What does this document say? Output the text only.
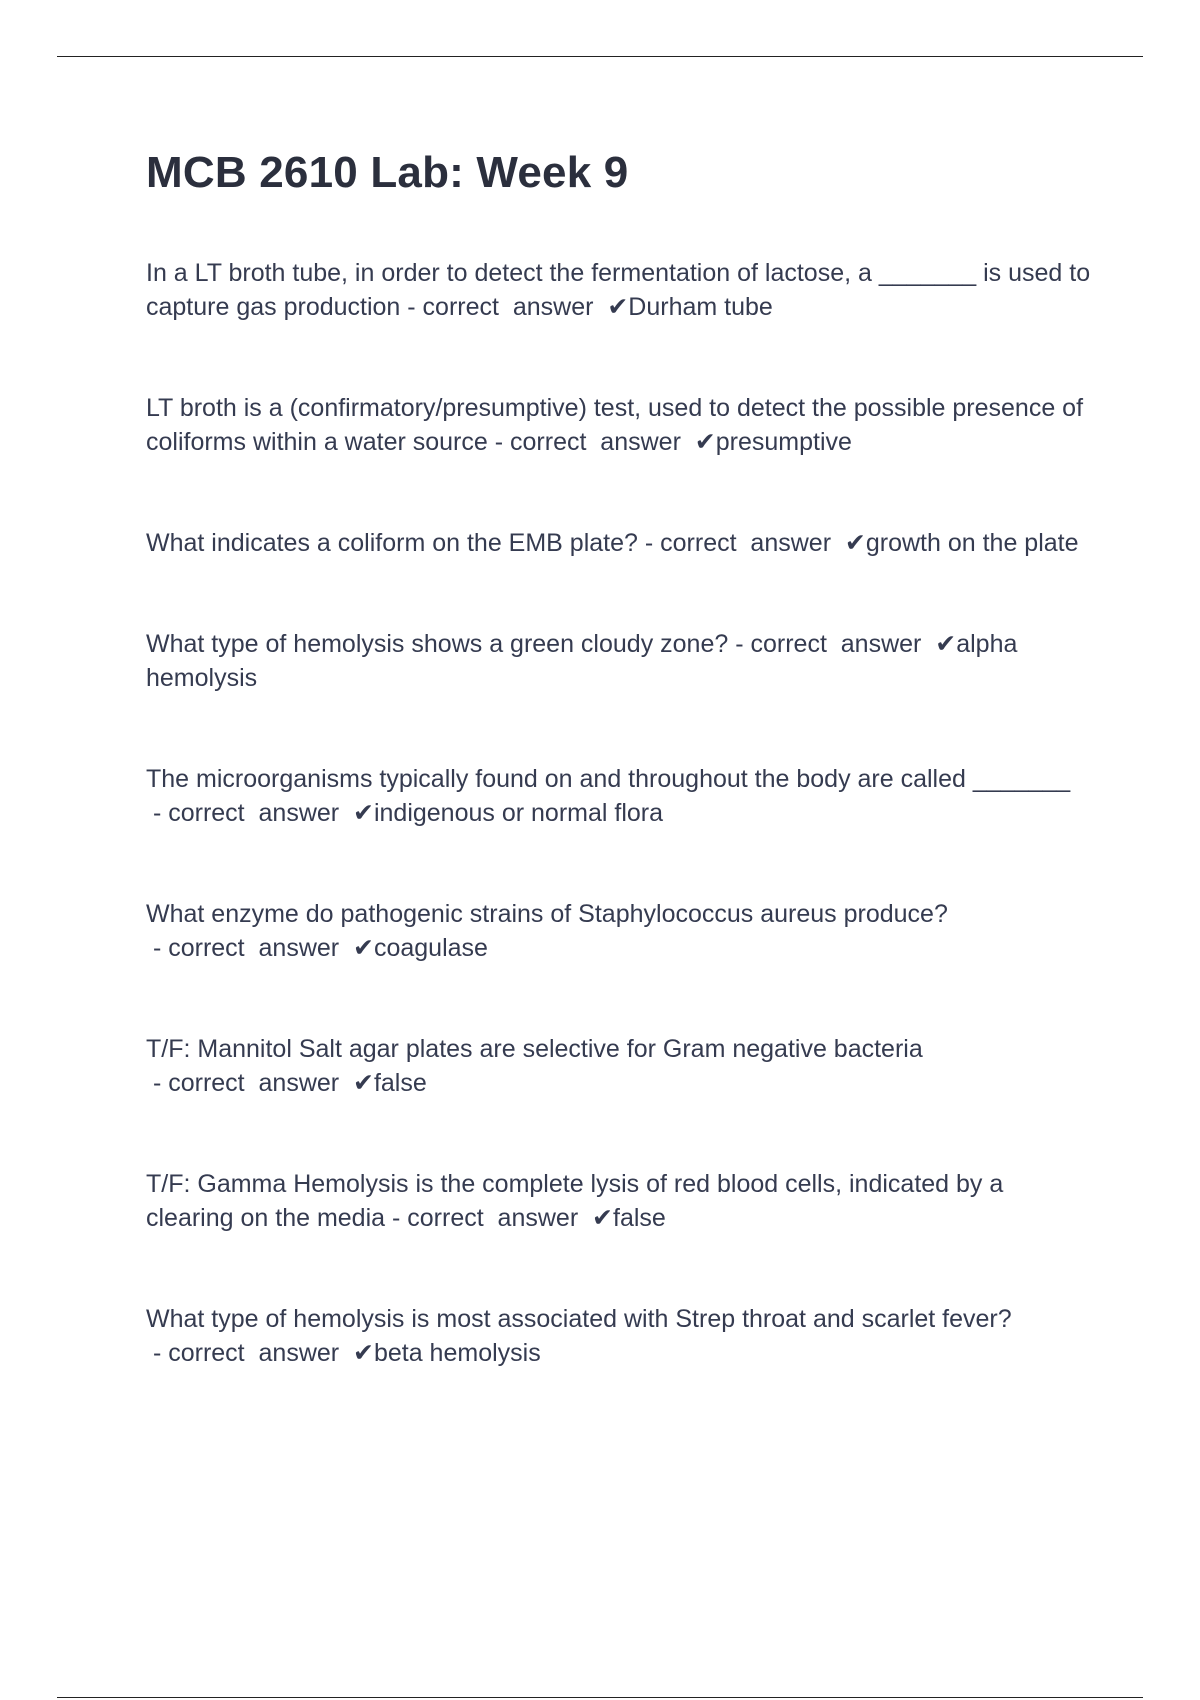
MCB 2610 Lab: Week 9

In a LT broth tube, in order to detect the fermentation of lactose, a _______ is used to capture gas production - correct  answer  ✔Durham tube

LT broth is a (confirmatory/presumptive) test, used to detect the possible presence of coliforms within a water source - correct  answer  ✔presumptive

What indicates a coliform on the EMB plate? - correct  answer  ✔growth on the plate

What type of hemolysis shows a green cloudy zone? - correct  answer  ✔alpha hemolysis

The microorganisms typically found on and throughout the body are called _______ - correct  answer  ✔indigenous or normal flora

What enzyme do pathogenic strains of Staphylococcus aureus produce? - correct  answer  ✔coagulase

T/F: Mannitol Salt agar plates are selective for Gram negative bacteria - correct  answer  ✔false

T/F: Gamma Hemolysis is the complete lysis of red blood cells, indicated by a clearing on the media - correct  answer  ✔false

What type of hemolysis is most associated with Strep throat and scarlet fever? - correct  answer  ✔beta hemolysis
